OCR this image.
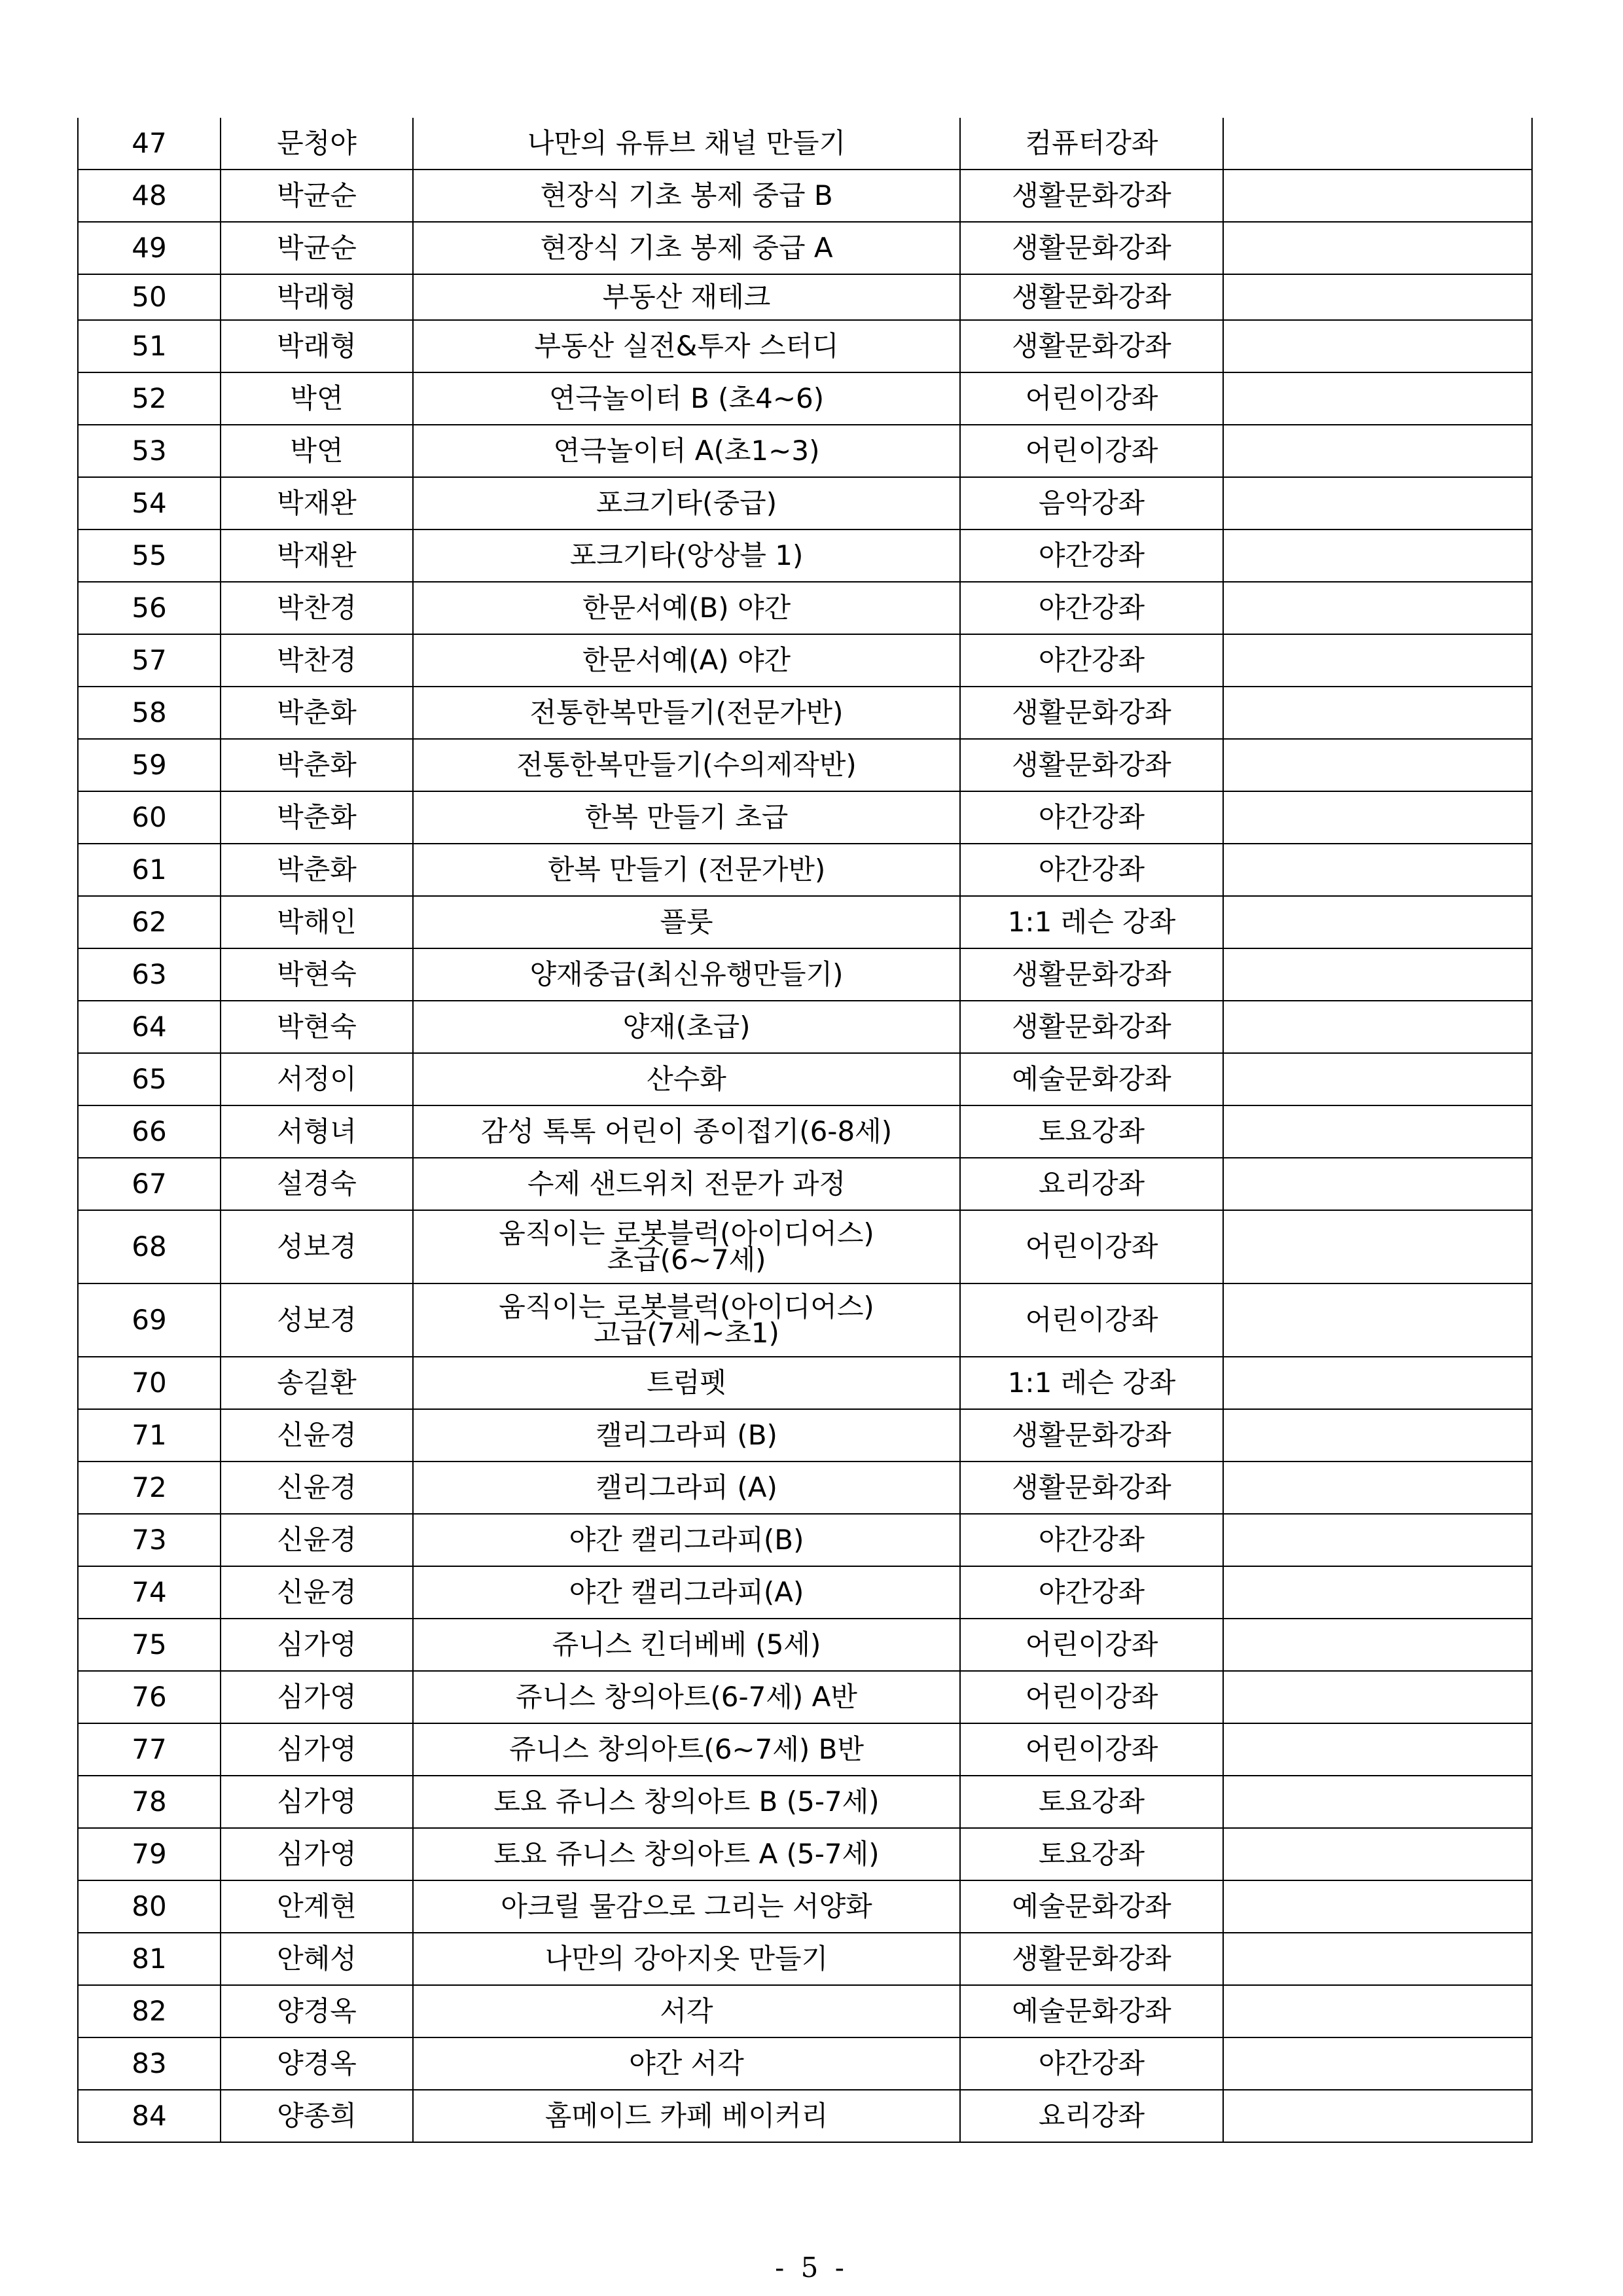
47	문청야	나만의 유튜브 채널 만들기	컴퓨터강좌	
48	박균순	현장식 기초 봉제 중급 B	생활문화강좌	
49	박균순	현장식 기초 봉제 중급 A	생활문화강좌	
50	박래형	부동산 재테크	생활문화강좌	
51	박래형	부동산 실전&투자 스터디	생활문화강좌	
52	박연	연극놀이터 B (초4~6)	어린이강좌	
53	박연	연극놀이터 A(초1~3)	어린이강좌	
54	박재완	포크기타(중급)	음악강좌	
55	박재완	포크기타(앙상블 1)	야간강좌	
56	박찬경	한문서예(B) 야간	야간강좌	
57	박찬경	한문서예(A) 야간	야간강좌	
58	박춘화	전통한복만들기(전문가반)	생활문화강좌	
59	박춘화	전통한복만들기(수의제작반)	생활문화강좌	
60	박춘화	한복 만들기 초급	야간강좌	
61	박춘화	한복 만들기 (전문가반)	야간강좌	
62	박해인	플룻	1:1 레슨 강좌	
63	박현숙	양재중급(최신유행만들기)	생활문화강좌	
64	박현숙	양재(초급)	생활문화강좌	
65	서정이	산수화	예술문화강좌	
66	서형녀	감성 톡톡 어린이 종이접기(6-8세)	토요강좌	
67	설경숙	수제 샌드위치 전문가 과정	요리강좌	
68	성보경	움직이는 로봇블럭(아이디어스)
초급(6~7세)	어린이강좌	
69	성보경	움직이는 로봇블럭(아이디어스)
고급(7세~초1)	어린이강좌	
70	송길환	트럼펫	1:1 레슨 강좌	
71	신윤경	캘리그라피 (B)	생활문화강좌	
72	신윤경	캘리그라피 (A)	생활문화강좌	
73	신윤경	야간 캘리그라피(B)	야간강좌	
74	신윤경	야간 캘리그라피(A)	야간강좌	
75	심가영	쥬니스 킨더베베 (5세)	어린이강좌	
76	심가영	쥬니스 창의아트(6-7세) A반	어린이강좌	
77	심가영	쥬니스 창의아트(6~7세) B반	어린이강좌	
78	심가영	토요 쥬니스 창의아트 B (5-7세)	토요강좌	
79	심가영	토요 쥬니스 창의아트 A (5-7세)	토요강좌	
80	안계현	아크릴 물감으로 그리는 서양화	예술문화강좌	
81	안혜성	나만의 강아지옷 만들기	생활문화강좌	
82	양경옥	서각	예술문화강좌	
83	양경옥	야간 서각	야간강좌	
84	양종희	홈메이드 카페 베이커리	요리강좌	
- 5 -
